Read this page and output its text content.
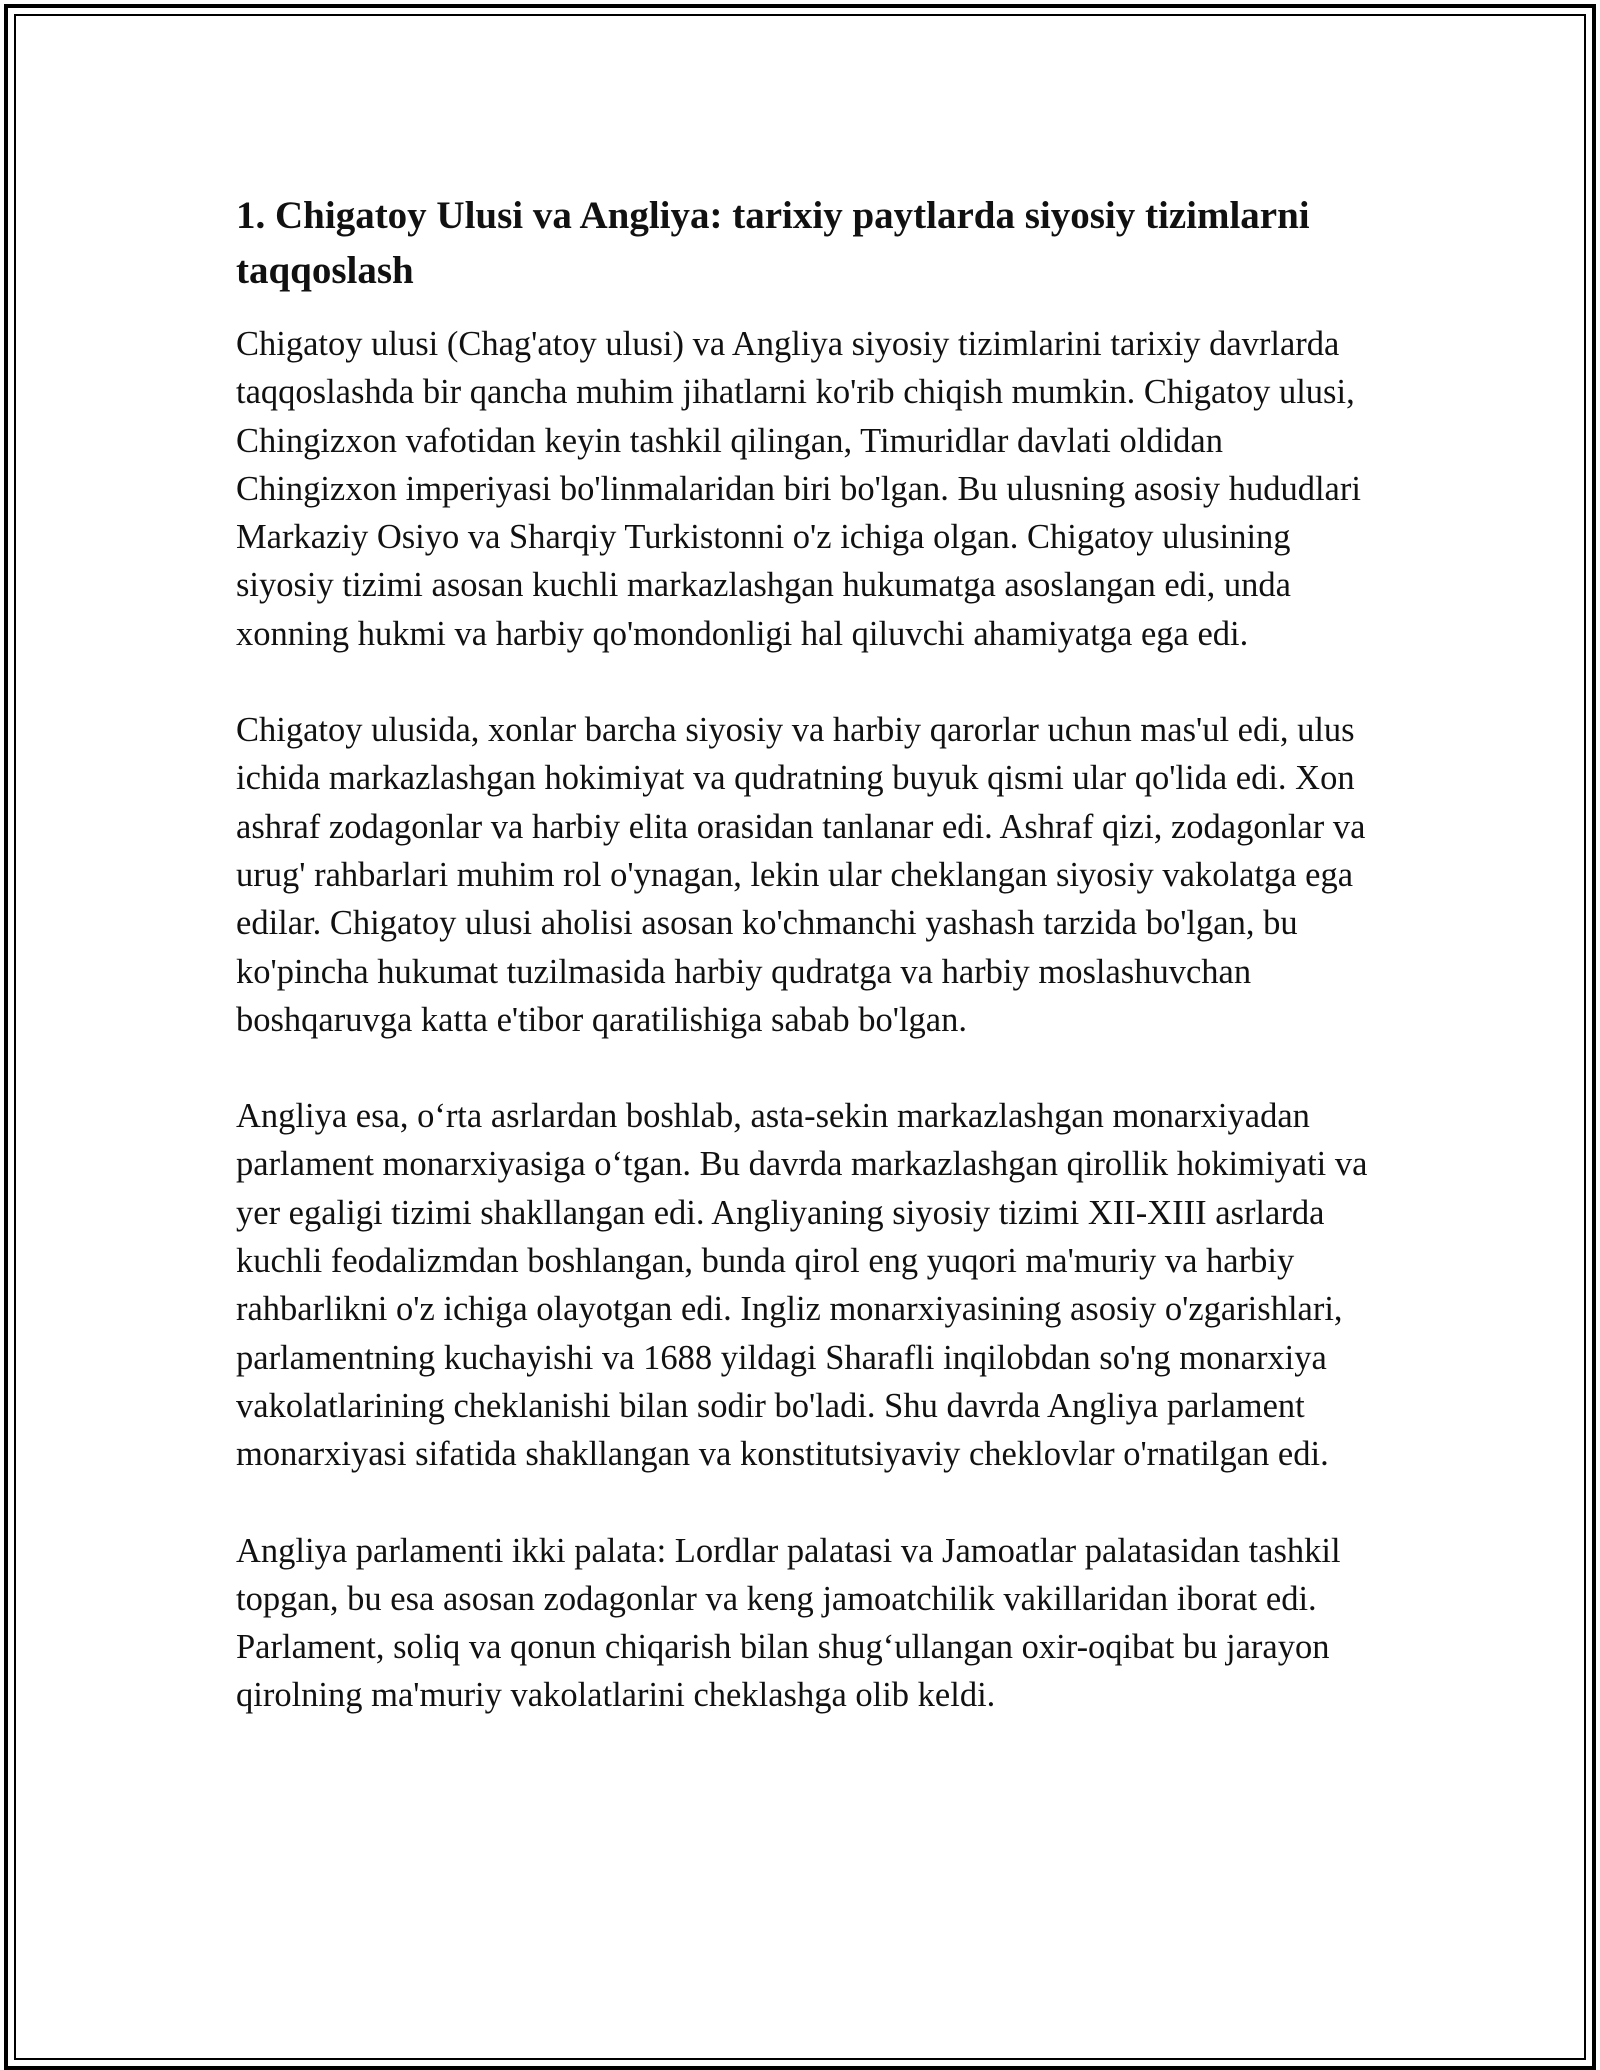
1. Chigatoy Ulusi va Angliya: tarixiy paytlarda siyosiy tizimlarni taqqoslash

Chigatoy ulusi (Chag'atoy ulusi) va Angliya siyosiy tizimlarini tarixiy davrlarda taqqoslashda bir qancha muhim jihatlarni ko'rib chiqish mumkin. Chigatoy ulusi, Chingizxon vafotidan keyin tashkil qilingan, Timuridlar davlati oldidan Chingizxon imperiyasi bo'linmalaridan biri bo'lgan. Bu ulusning asosiy hududlari Markaziy Osiyo va Sharqiy Turkistonni o'z ichiga olgan. Chigatoy ulusining siyosiy tizimi asosan kuchli markazlashgan hukumatga asoslangan edi, unda xonning hukmi va harbiy qo'mondonligi hal qiluvchi ahamiyatga ega edi.

Chigatoy ulusida, xonlar barcha siyosiy va harbiy qarorlar uchun mas'ul edi, ulus ichida markazlashgan hokimiyat va qudratning buyuk qismi ular qo'lida edi. Xon ashraf zodagonlar va harbiy elita orasidan tanlanar edi. Ashraf qizi, zodagonlar va urug' rahbarlari muhim rol o'ynagan, lekin ular cheklangan siyosiy vakolatga ega edilar. Chigatoy ulusi aholisi asosan ko'chmanchi yashash tarzida bo'lgan, bu ko'pincha hukumat tuzilmasida harbiy qudratga va harbiy moslashuvchan boshqaruvga katta e'tibor qaratilishiga sabab bo'lgan.

Angliya esa, o‘rta asrlardan boshlab, asta-sekin markazlashgan monarxiyadan parlament monarxiyasiga o‘tgan. Bu davrda markazlashgan qirollik hokimiyati va yer egaligi tizimi shakllangan edi. Angliyaning siyosiy tizimi XII-XIII asrlarda kuchli feodalizmdan boshlangan, bunda qirol eng yuqori ma'muriy va harbiy rahbarlikni o'z ichiga olayotgan edi. Ingliz monarxiyasining asosiy o'zgarishlari, parlamentning kuchayishi va 1688 yildagi Sharafli inqilobdan so'ng monarxiya vakolatlarining cheklanishi bilan sodir bo'ladi. Shu davrda Angliya parlament monarxiyasi sifatida shakllangan va konstitutsiyaviy cheklovlar o'rnatilgan edi.

Angliya parlamenti ikki palata: Lordlar palatasi va Jamoatlar palatasidan tashkil topgan, bu esa asosan zodagonlar va keng jamoatchilik vakillaridan iborat edi. Parlament, soliq va qonun chiqarish bilan shug‘ullangan oxir-oqibat bu jarayon qirolning ma'muriy vakolatlarini cheklashga olib keldi.
